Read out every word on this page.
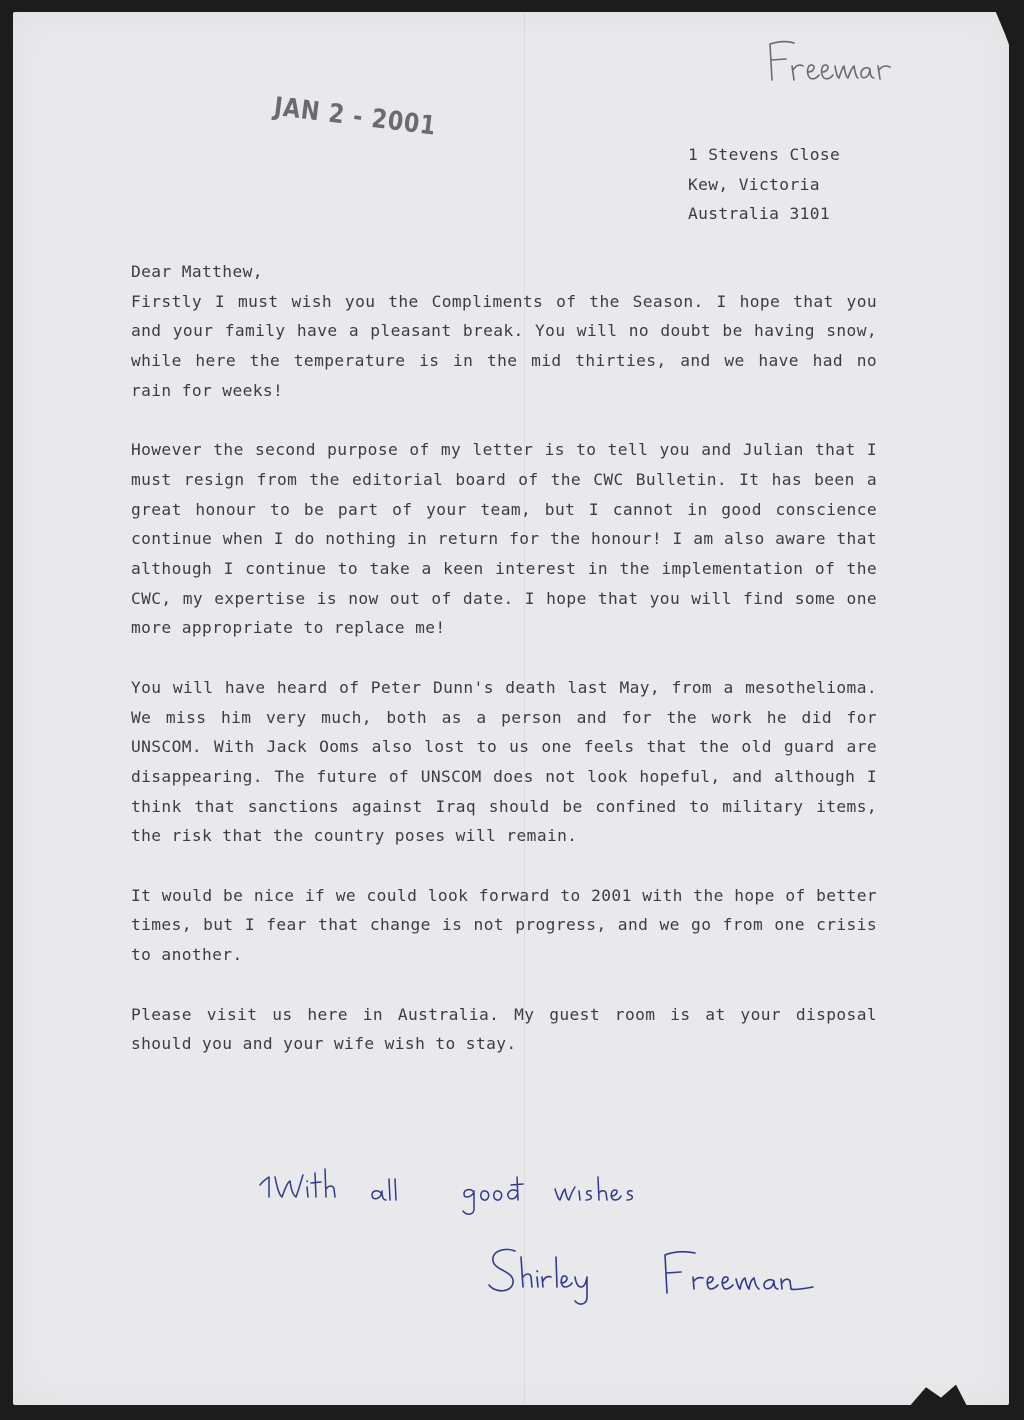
JAN 2 - 2001
1 Stevens Close
Kew, Victoria
Australia 3101

Dear Matthew,

Firstly I must wish you the Compliments of the Season. I hope that you and your family have a pleasant break. You will no doubt be having snow, while here the temperature is in the mid thirties, and we have had no rain for weeks!

However the second purpose of my letter is to tell you and Julian that I must resign from the editorial board of the CWC Bulletin. It has been a great honour to be part of your team, but I cannot in good conscience continue when I do nothing in return for the honour! I am also aware that although I continue to take a keen interest in the implementation of the CWC, my expertise is now out of date. I hope that you will find some one more appropriate to replace me!

You will have heard of Peter Dunn's death last May, from a mesothelioma. We miss him very much, both as a person and for the work he did for UNSCOM. With Jack Ooms also lost to us one feels that the old guard are disappearing. The future of UNSCOM does not look hopeful, and although I think that sanctions against Iraq should be confined to military items, the risk that the country poses will remain.

It would be nice if we could look forward to 2001 with the hope of better times, but I fear that change is not progress, and we go from one crisis to another.

Please visit us here in Australia. My guest room is at your disposal should you and your wife wish to stay.
